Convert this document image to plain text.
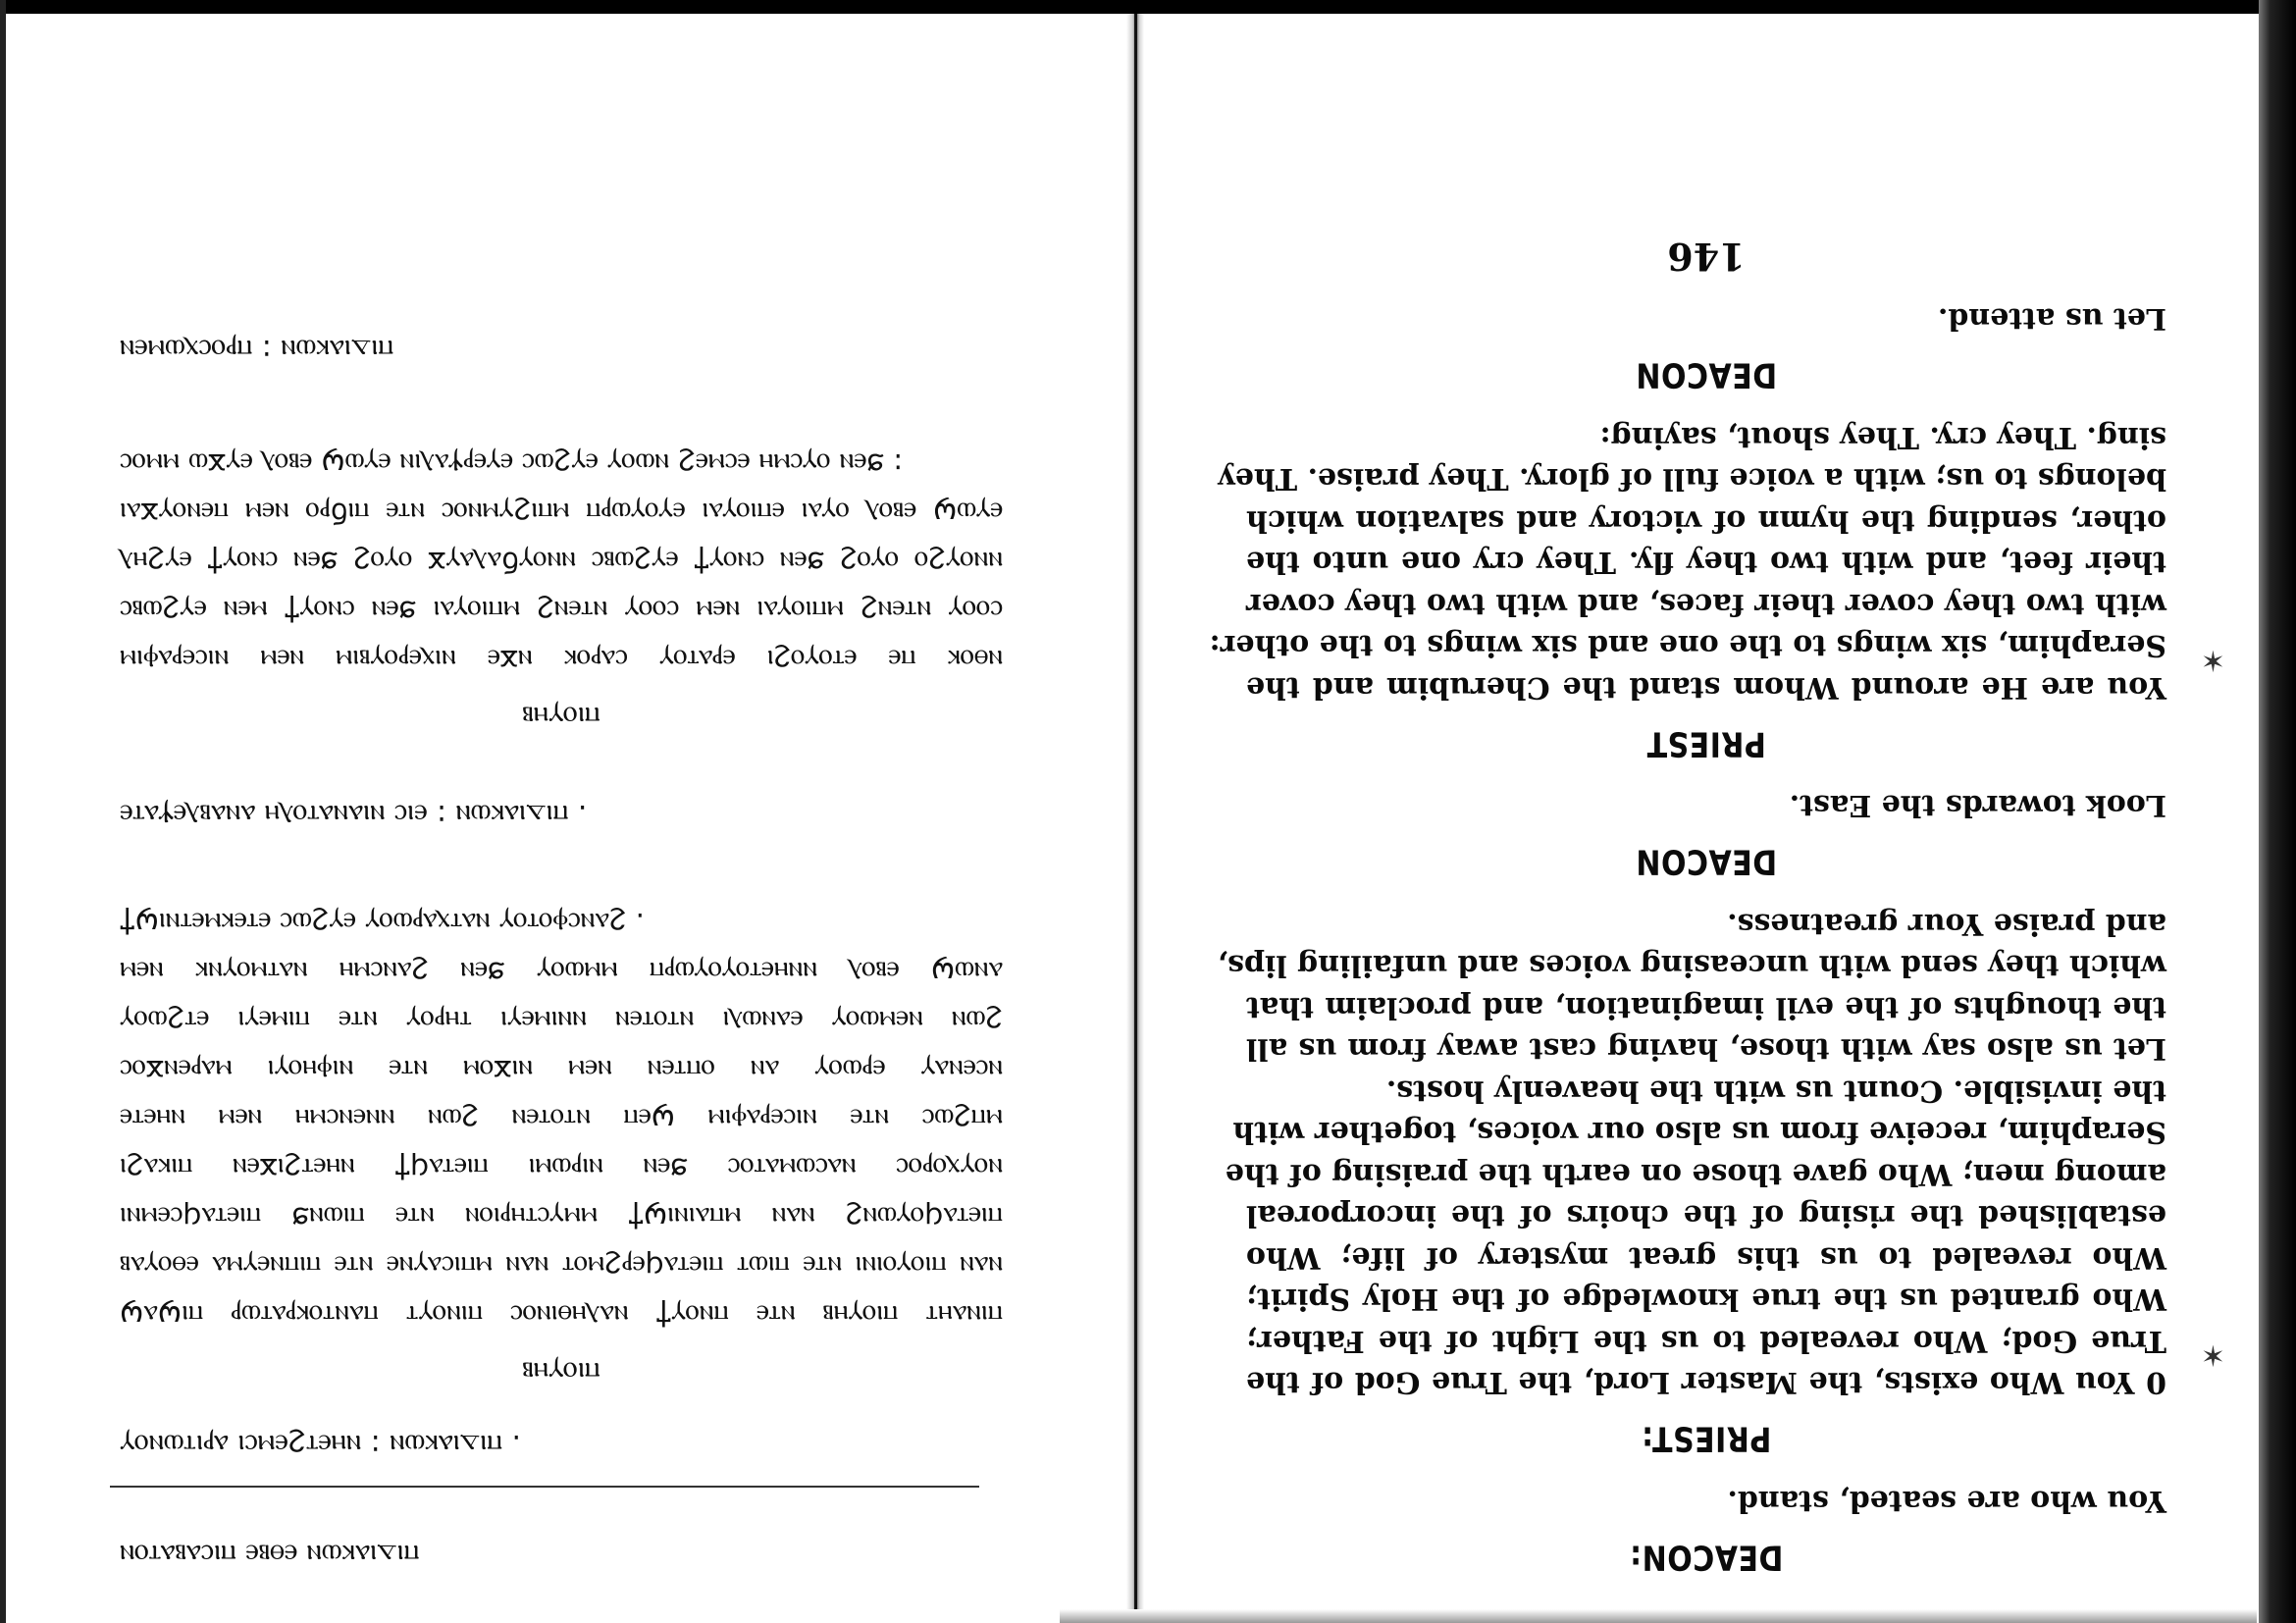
ⲡⲓⲇⲓⲁⲕⲱⲛ ⲉⲑⲃⲉ ⲡⲓⲥⲁⲃⲁⲧⲟⲛ

ⲡⲓⲇⲓⲁⲕⲱⲛ : ⲛⲏⲉⲧϩⲉⲙⲥⲓ ⲁⲣⲓⲧⲱⲛⲟⲩ .

ⲡⲓⲟⲩⲏⲃ

ⲡⲓⲛⲁⲏⲧ ⲡⲓⲟⲩⲏⲃ ⲛⲧⲉ ⲡⲛⲟⲩϯ ⲛⲁⲗⲏⲑⲓⲛⲟⲥ ⲡⲓⲛⲟⲩⲧ ⲡⲁⲛⲧⲟⲕⲣⲁⲧⲱⲣ ⲡⲓϣⲁϣ

ⲛⲁⲛ ⲡⲓⲟⲩⲟⲓⲛⲓ ⲛⲧⲉ ⲡⲓⲱⲧ ⲡⲓⲉⲧⲁϥⲉⲣϩⲙⲟⲧ ⲛⲁⲛ ⲙⲡⲓⲥⲁⲩⲛⲉ ⲛⲧⲉ ⲡⲓⲡⲛⲉⲩⲙⲁ ⲉⲑⲟⲩⲁⲃ

ⲡⲓⲉⲧⲁϥⲟⲩⲱⲛϩ ⲛⲁⲛ ⲙⲡⲁⲓⲛⲓϣϯ ⲙⲙⲩⲥⲧⲏⲣⲓⲟⲛ ⲛⲧⲉ ⲡⲓⲱⲛϧ ⲡⲓⲉⲧⲁϥⲥⲉⲙⲛⲓ

ⲛⲟⲩⲭⲟⲣⲟⲥ ⲛⲁⲥⲱⲙⲁⲧⲟⲥ ϧⲉⲛ ⲛⲓⲣⲱⲙⲓ ⲡⲓⲉⲧⲁϥϯ ⲛⲏⲉⲧϩⲓϫⲉⲛ ⲡⲓⲕⲁϩⲓ

ⲙⲡϩⲱⲥ ⲛⲧⲉ ⲛⲓⲥⲉⲣⲁⲫⲓⲙ ϣⲉⲡ ⲛⲧⲟⲧⲉⲛ ϩⲱⲛ ⲛⲛⲉⲛⲥⲙⲏ ⲛⲉⲙ ⲛⲏⲉⲧⲉ

ⲛⲥⲉⲛⲁⲩ ⲉⲣⲱⲟⲩ ⲁⲛ ⲟⲡⲧⲉⲛ ⲛⲉⲙ ⲛⲓϫⲟⲙ ⲛⲧⲉ ⲛⲓⲫⲏⲟⲩⲓ ⲙⲁⲣⲉⲛϫⲟⲥ

ϩⲱⲛ ⲛⲉⲙⲱⲟⲩ ⲉⲁⲛⲱⲗⲓ ⲛⲧⲟⲧⲉⲛ ⲛⲛⲓⲙⲉⲩⲓ ⲧⲏⲣⲟⲩ ⲛⲧⲉ ⲡⲓⲙⲉⲩⲓ ⲉⲧϩⲱⲟⲩ

ⲁⲛⲱϣ ⲉⲃⲟⲗ ⲛⲛⲏⲉⲧⲟⲩⲟⲩⲱⲣⲡ ⲙⲙⲱⲟⲩ ϧⲉⲛ ϩⲁⲛⲥⲙⲏ ⲛⲁⲧⲙⲟⲩⲛⲕ ⲛⲉⲙ

ϩⲁⲛⲥⲫⲟⲧⲟⲩ ⲛⲁⲧⲭⲁⲣⲱⲟⲩ ⲉⲩϩⲱⲥ ⲉⲧⲉⲕⲙⲉⲧⲛⲓϣϯ .

ⲡⲓⲇⲓⲁⲕⲱⲛ : ⲉⲓⲥ ⲛⲓⲁⲛⲁⲧⲟⲗⲏ ⲁⲛⲁⲃⲗⲉⲯⲁⲧⲉ .

ⲡⲓⲟⲩⲏⲃ

ⲛⲑⲟⲕ ⲡⲉ ⲉⲧⲟⲩⲟϩⲓ ⲉⲣⲁⲧⲟⲩ ⲥⲁⲣⲟⲕ ⲛϫⲉ ⲛⲓⲭⲉⲣⲟⲩⲃⲓⲙ ⲛⲉⲙ ⲛⲓⲥⲉⲣⲁⲫⲓⲙ

ⲥⲟⲟⲩ ⲛⲧⲉⲛϩ ⲙⲡⲓⲟⲩⲁⲓ ⲛⲉⲙ ⲥⲟⲟⲩ ⲛⲧⲉⲛϩ ⲙⲡⲓⲟⲩⲁⲓ ϧⲉⲛ ⲥⲛⲟⲩϯ ⲙⲉⲛ ⲉⲩϩⲱⲃⲥ

ⲛⲛⲟⲩϩⲟ ⲟⲩⲟϩ ϧⲉⲛ ⲥⲛⲟⲩϯ ⲉⲩϩⲱⲃⲥ ⲛⲛⲟⲩϭⲁⲗⲁⲩϫ ⲟⲩⲟϩ ϧⲉⲛ ⲥⲛⲟⲩϯ ⲉⲩϩⲏⲗ

ⲉⲩⲱϣ ⲉⲃⲟⲗ ⲟⲩⲁⲓ ⲉⲡⲓⲟⲩⲁⲓ ⲉⲩⲟⲩⲱⲣⲡ ⲙⲡⲓϩⲩⲙⲛⲟⲥ ⲛⲧⲉ ⲡⲓϭⲣⲟ ⲛⲉⲙ ⲡⲉⲛⲟⲩϫⲁⲓ

ϧⲉⲛ ⲟⲩⲥⲙⲏ ⲉⲥⲙⲉϩ ⲛⲱⲟⲩ ⲉⲩϩⲱⲥ ⲉⲩⲉⲣⲯⲁⲗⲓⲛ ⲉⲩⲱϣ ⲉⲃⲟⲗ ⲉⲩϫⲱ ⲙⲙⲟⲥ :

ⲡⲓⲇⲓⲁⲕⲱⲛ : ⲡⲣⲟⲥⲭⲱⲙⲉⲛ

DEACON:

You who are seated, stand.

PRIEST:

0 You Who exists, the Master Lord, the True God of the

True God; Who revealed to us the Light of the Father;

Who granted us the true knowledge of the Holy Spirit;

Who revealed to us this great mystery of life; Who

established the rising of the choirs of the incorporeal

among men; Who gave those on earth the praising of the

Seraphim, receive from us also our voices, together with

the invisible. Count us with the heavenly hosts.

Let us also say with those, having cast away from us all

the thoughts of the evil imagination, and proclaim that

which they send with unceasing voices and unfailing lips,

and praise Your greatness.

DEACON

Look towards the East.

PRIEST

You are He around Whom stand the Cherubim and the

Seraphim, six wings to the one and six wings to the other:

with two they cover their faces, and with two they cover

their feet, and with two they fly. They cry one unto the

other, sending the hymn of victory and salvation which

belongs to us; with a voice full of glory. They praise. They

sing. They cry. They shout, saying:

DEACON

Let us attend.

146

✶
✶
